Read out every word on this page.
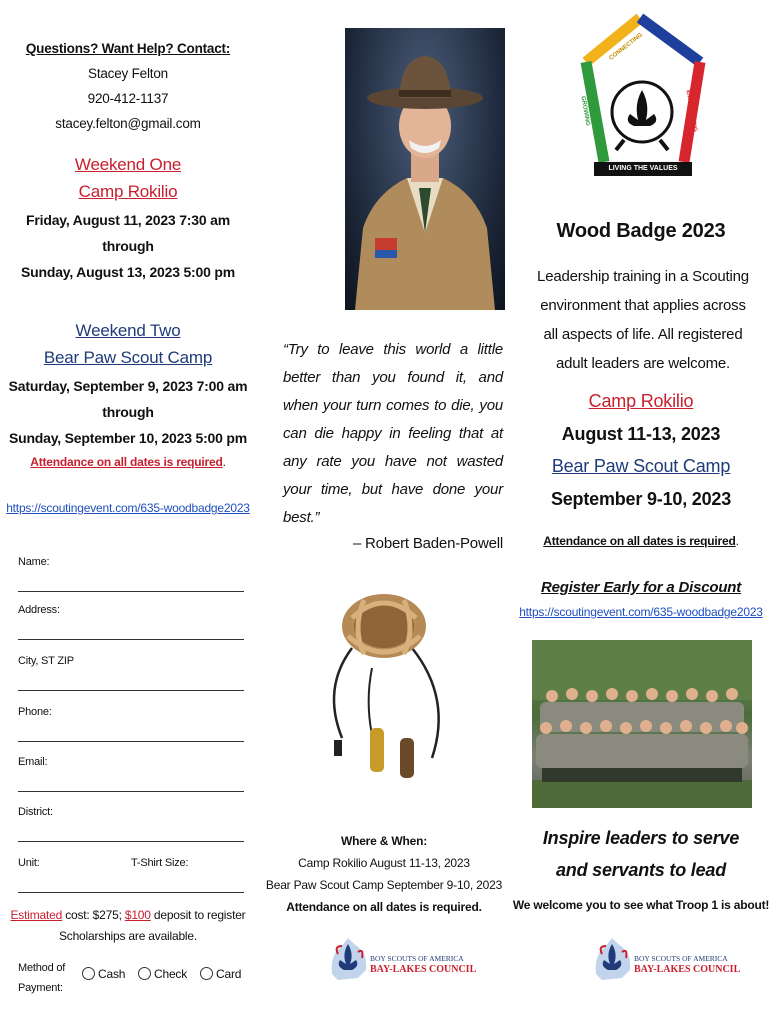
Questions? Want Help? Contact:
Stacey Felton
920-412-1137
stacey.felton@gmail.com
Weekend One
Camp Rokilio
Friday, August 11, 2023 7:30 am
through
Sunday, August 13, 2023 5:00 pm
Weekend Two
Bear Paw Scout Camp
Saturday, September 9, 2023 7:00 am
through
Sunday, September 10, 2023 5:00 pm
Attendance on all dates is required.
https://scoutingevent.com/635-woodbadge2023
Name:
Address:
City, ST ZIP
Phone:
Email:
District:
Unit:	T-Shirt Size:
Estimated cost: $275; $100 deposit to register
Scholarships are available.
Method of
Payment:
Cash	Check	Card
“Try to leave this world a little better than you found it, and when your turn comes to die, you can die happy in feeling that at any rate you have not wasted your time, but have done your best.”
– Robert Baden-Powell
Where & When:
Camp Rokilio August 11-13, 2023
Bear Paw Scout Camp September 9-10, 2023
Attendance on all dates is required.
BOY SCOUTS OF AMERICA
BAY-LAKES COUNCIL
LIVING THE VALUES
CONNECTING	GUIDING
EMPOWERING
GROWING
Wood Badge 2023
Leadership training in a Scouting environment that applies across all aspects of life. All registered adult leaders are welcome.
Camp Rokilio
August 11-13, 2023
Bear Paw Scout Camp
September 9-10, 2023
Attendance on all dates is required.
Register Early for a Discount
https://scoutingevent.com/635-woodbadge2023
Inspire leaders to serve
and servants to lead
We welcome you to see what Troop 1 is about!
BOY SCOUTS OF AMERICA
BAY-LAKES COUNCIL
